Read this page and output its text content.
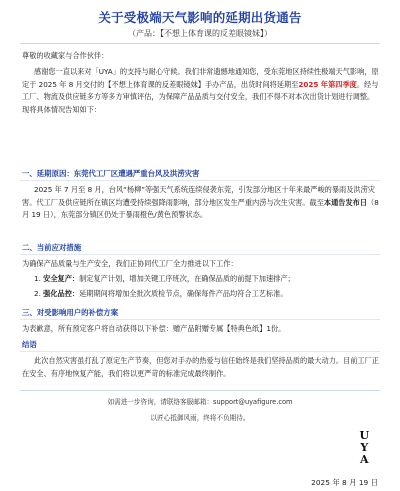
关于受极端天气影响的延期出货通告
（产品：【不想上体育课的反差眼镜妹】）
尊敬的收藏家与合作伙伴：
感谢您一直以来对「UYA」的支持与耐心守候。我们非常遗憾地通知您，受东莞地区持续性极端天气影响，原定于 2025 年 8 月交付的【不想上体育课的反差眼镜妹】手办产品，出货时间将延期至2025 年第四季度。经与工厂、物流及供应链多方等多方审慎评估，为保障产品品质与交付安全，我们不得不对本次出货计划进行调整。现将具体情况告知如下：
一、延期原因：东莞代工厂区遭遇严重台风及洪涝灾害
2025 年 7 月至 8 月，台风“杨柳”等强天气系统连续侵袭东莞，引发部分地区十年来最严峻的暴雨及洪涝灾害。代工厂及供应链所在镇区均遭受持续强降雨影响，部分地区发生严重内涝与次生灾害。截至本通告发布日（8 月 19 日），东莞部分镇区仍处于暴雨橙色/黄色预警状态。
二、当前应对措施
为确保产品质量与生产安全，我们正协同代工厂全力推进以下工作：
1. 安全复产：制定复产计划，增加关键工序班次，在确保品质的前提下加速排产；
2. 强化品控：延期期间将增加全批次质检节点，确保每件产品均符合工艺标准。
三、对受影响用户的补偿方案
为表歉意，所有预定客户将自动获得以下补偿：赠产品附赠专属【特典色纸】1份。
结语
此次自然灾害虽打乱了原定生产节奏，但您对手办的热爱与信任始终是我们坚持品质的最大动力。目前工厂正在安全、有序地恢复产能，我们将以更严苛的标准完成最终制作。
如需进一步咨询，请联络客服邮箱：support@uyafigure.com
以匠心抵御风雨，终将不负期待。
U
Y
A
2025 年 8 月 19 日
